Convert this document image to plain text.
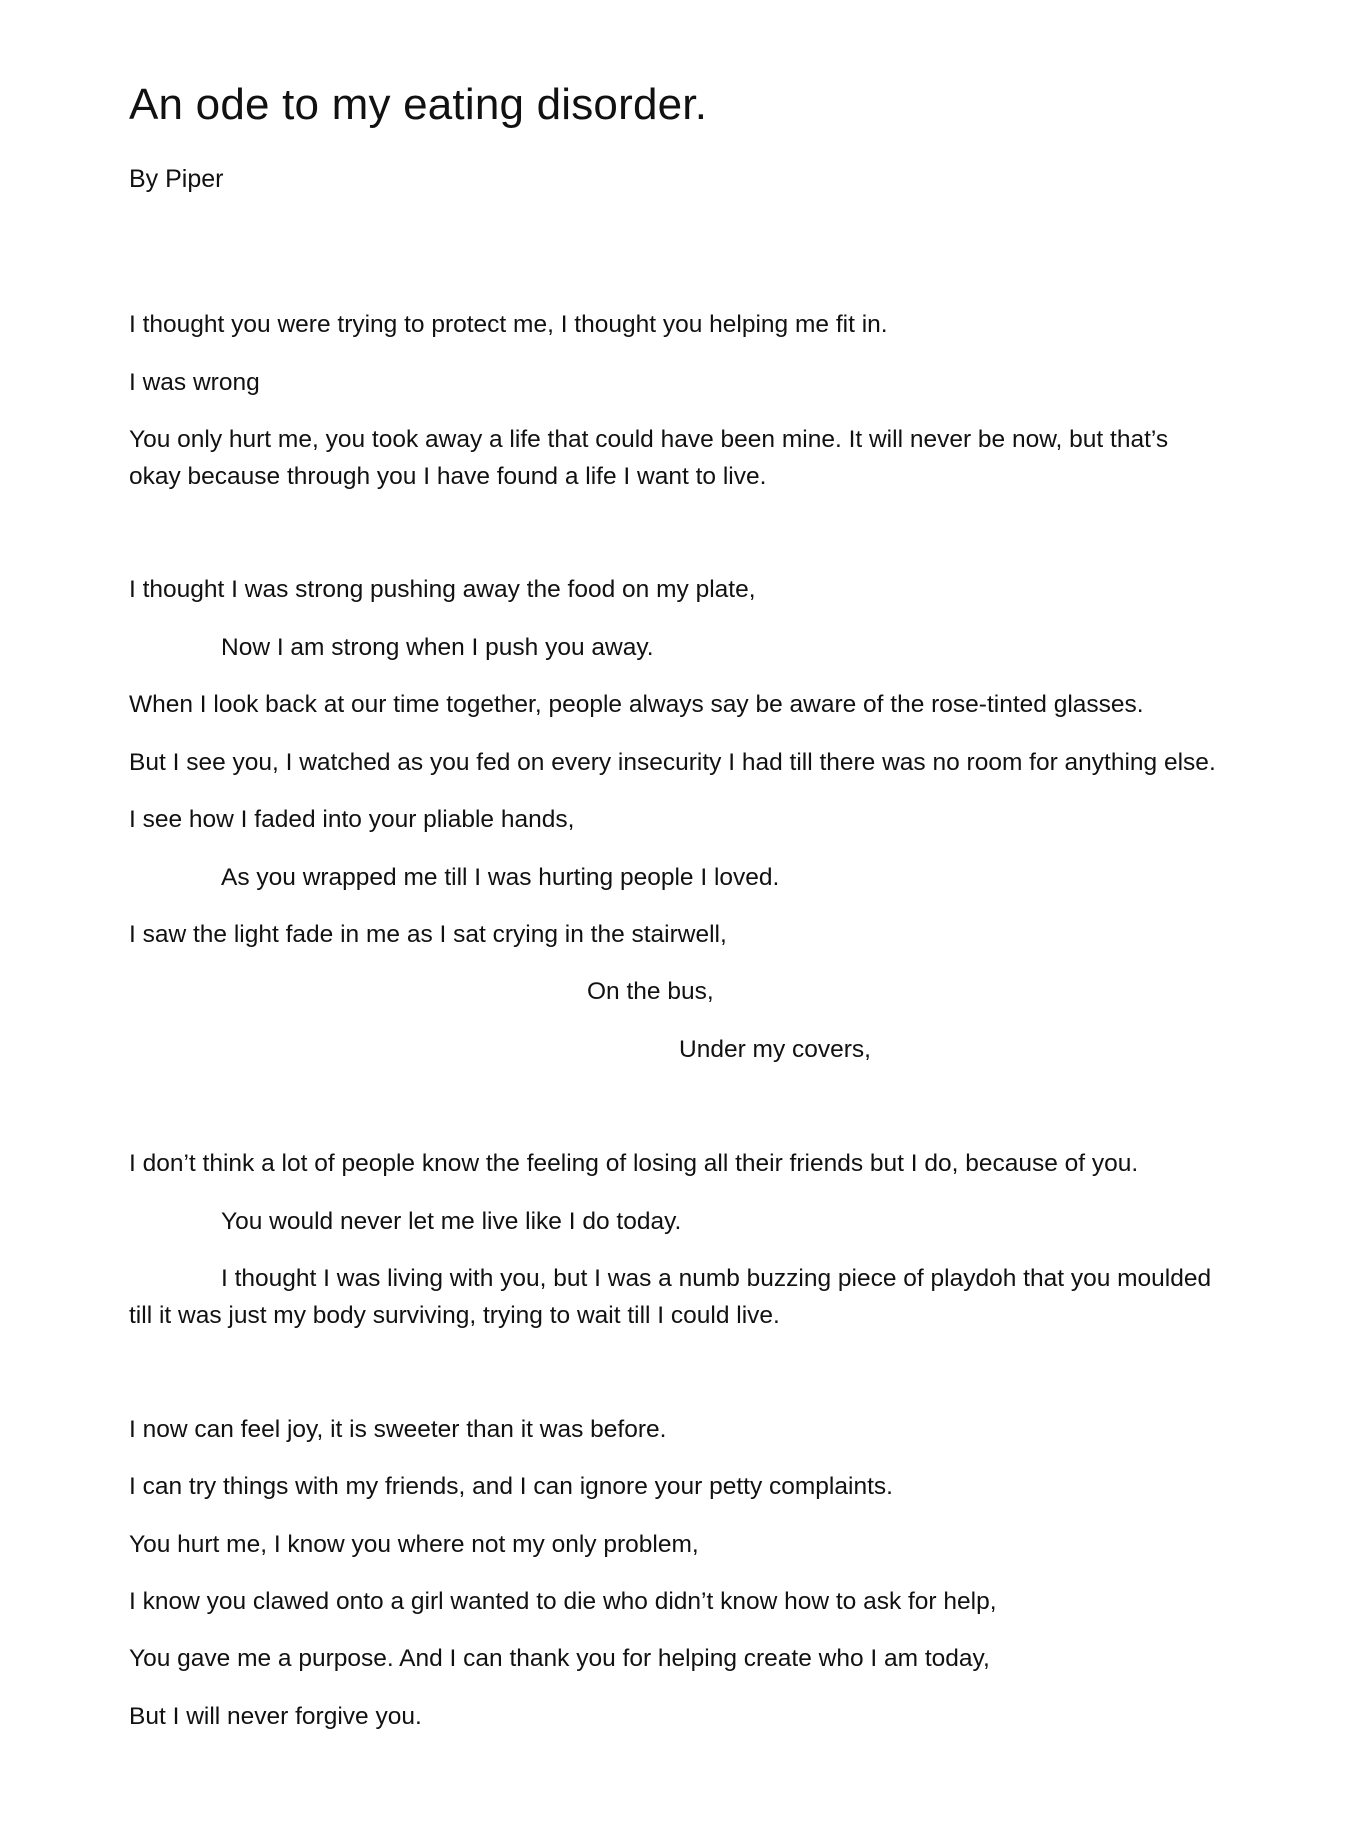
An ode to my eating disorder.

By Piper

I thought you were trying to protect me, I thought you helping me fit in.

I was wrong

You only hurt me, you took away a life that could have been mine. It will never be now, but that’s

okay because through you I have found a life I want to live.

I thought I was strong pushing away the food on my plate,

Now I am strong when I push you away.

When I look back at our time together, people always say be aware of the rose-tinted glasses.

But I see you, I watched as you fed on every insecurity I had till there was no room for anything else.

I see how I faded into your pliable hands,

As you wrapped me till I was hurting people I loved.

I saw the light fade in me as I sat crying in the stairwell,

On the bus,

Under my covers,

I don’t think a lot of people know the feeling of losing all their friends but I do, because of you.

You would never let me live like I do today.

I thought I was living with you, but I was a numb buzzing piece of playdoh that you moulded

till it was just my body surviving, trying to wait till I could live.

I now can feel joy, it is sweeter than it was before.

I can try things with my friends, and I can ignore your petty complaints.

You hurt me, I know you where not my only problem,

I know you clawed onto a girl wanted to die who didn’t know how to ask for help,

You gave me a purpose. And I can thank you for helping create who I am today,

But I will never forgive you.
